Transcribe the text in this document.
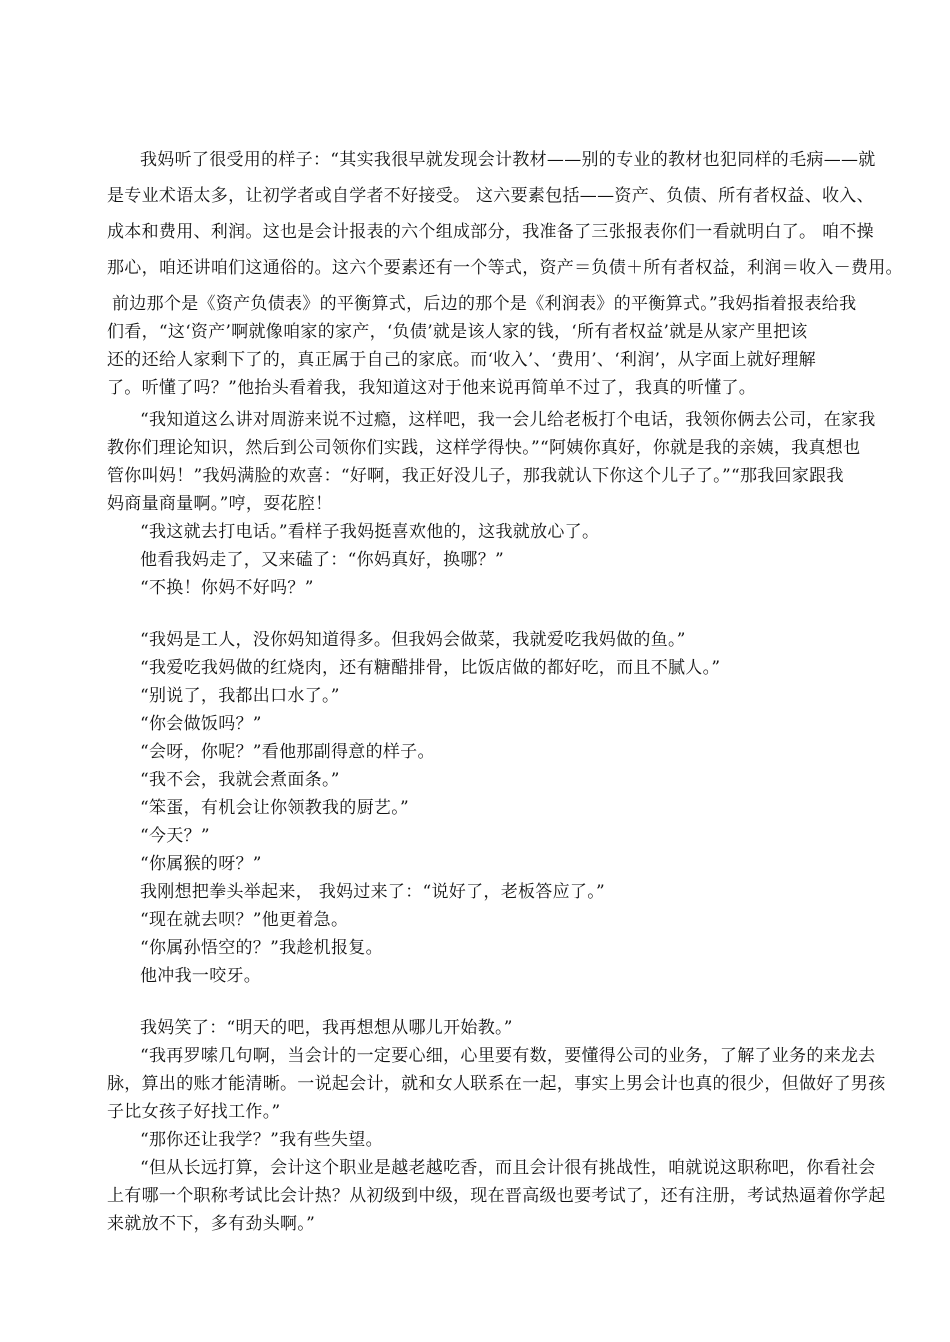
我妈听了很受用的样子：“其实我很早就发现会计教材——别的专业的教材也犯同样的毛病——就
是专业术语太多，让初学者或自学者不好接受。 这六要素包括——资产、负债、所有者权益、收入、
成本和费用、利润。这也是会计报表的六个组成部分，我准备了三张报表你们一看就明白了。 咱不操
那心，咱还讲咱们这通俗的。这六个要素还有一个等式，资产＝负债＋所有者权益，利润＝收入－费用。
前边那个是《资产负债表》的平衡算式，后边的那个是《利润表》的平衡算式。”我妈指着报表给我
们看，“这‘资产’啊就像咱家的家产，‘负债’就是该人家的钱，‘所有者权益’就是从家产里把该
还的还给人家剩下了的，真正属于自己的家底。而‘收入’、‘费用’、‘利润’，从字面上就好理解
了。听懂了吗？”他抬头看着我，我知道这对于他来说再简单不过了，我真的听懂了。
“我知道这么讲对周游来说不过瘾，这样吧，我一会儿给老板打个电话，我领你俩去公司，在家我
教你们理论知识，然后到公司领你们实践，这样学得快。”“阿姨你真好，你就是我的亲姨，我真想也
管你叫妈！”我妈满脸的欢喜：“好啊，我正好没儿子，那我就认下你这个儿子了。”“那我回家跟我
妈商量商量啊。”哼，耍花腔！
“我这就去打电话。”看样子我妈挺喜欢他的，这我就放心了。
他看我妈走了，又来磕了：“你妈真好，换哪？”
“不换！你妈不好吗？”
“我妈是工人，没你妈知道得多。但我妈会做菜，我就爱吃我妈做的鱼。”
“我爱吃我妈做的红烧肉，还有糖醋排骨，比饭店做的都好吃，而且不腻人。”
“别说了，我都出口水了。”
“你会做饭吗？”
“会呀，你呢？”看他那副得意的样子。
“我不会，我就会煮面条。”
“笨蛋，有机会让你领教我的厨艺。”
“今天？”
“你属猴的呀？”
我刚想把拳头举起来， 我妈过来了：“说好了，老板答应了。”
“现在就去呗？”他更着急。
“你属孙悟空的？”我趁机报复。
他冲我一咬牙。
我妈笑了：“明天的吧，我再想想从哪儿开始教。”
“我再罗嗦几句啊，当会计的一定要心细，心里要有数，要懂得公司的业务，了解了业务的来龙去
脉，算出的账才能清晰。一说起会计，就和女人联系在一起，事实上男会计也真的很少，但做好了男孩
子比女孩子好找工作。”
“那你还让我学？”我有些失望。
“但从长远打算，会计这个职业是越老越吃香，而且会计很有挑战性，咱就说这职称吧，你看社会
上有哪一个职称考试比会计热？从初级到中级，现在晋高级也要考试了，还有注册，考试热逼着你学起
来就放不下，多有劲头啊。”
